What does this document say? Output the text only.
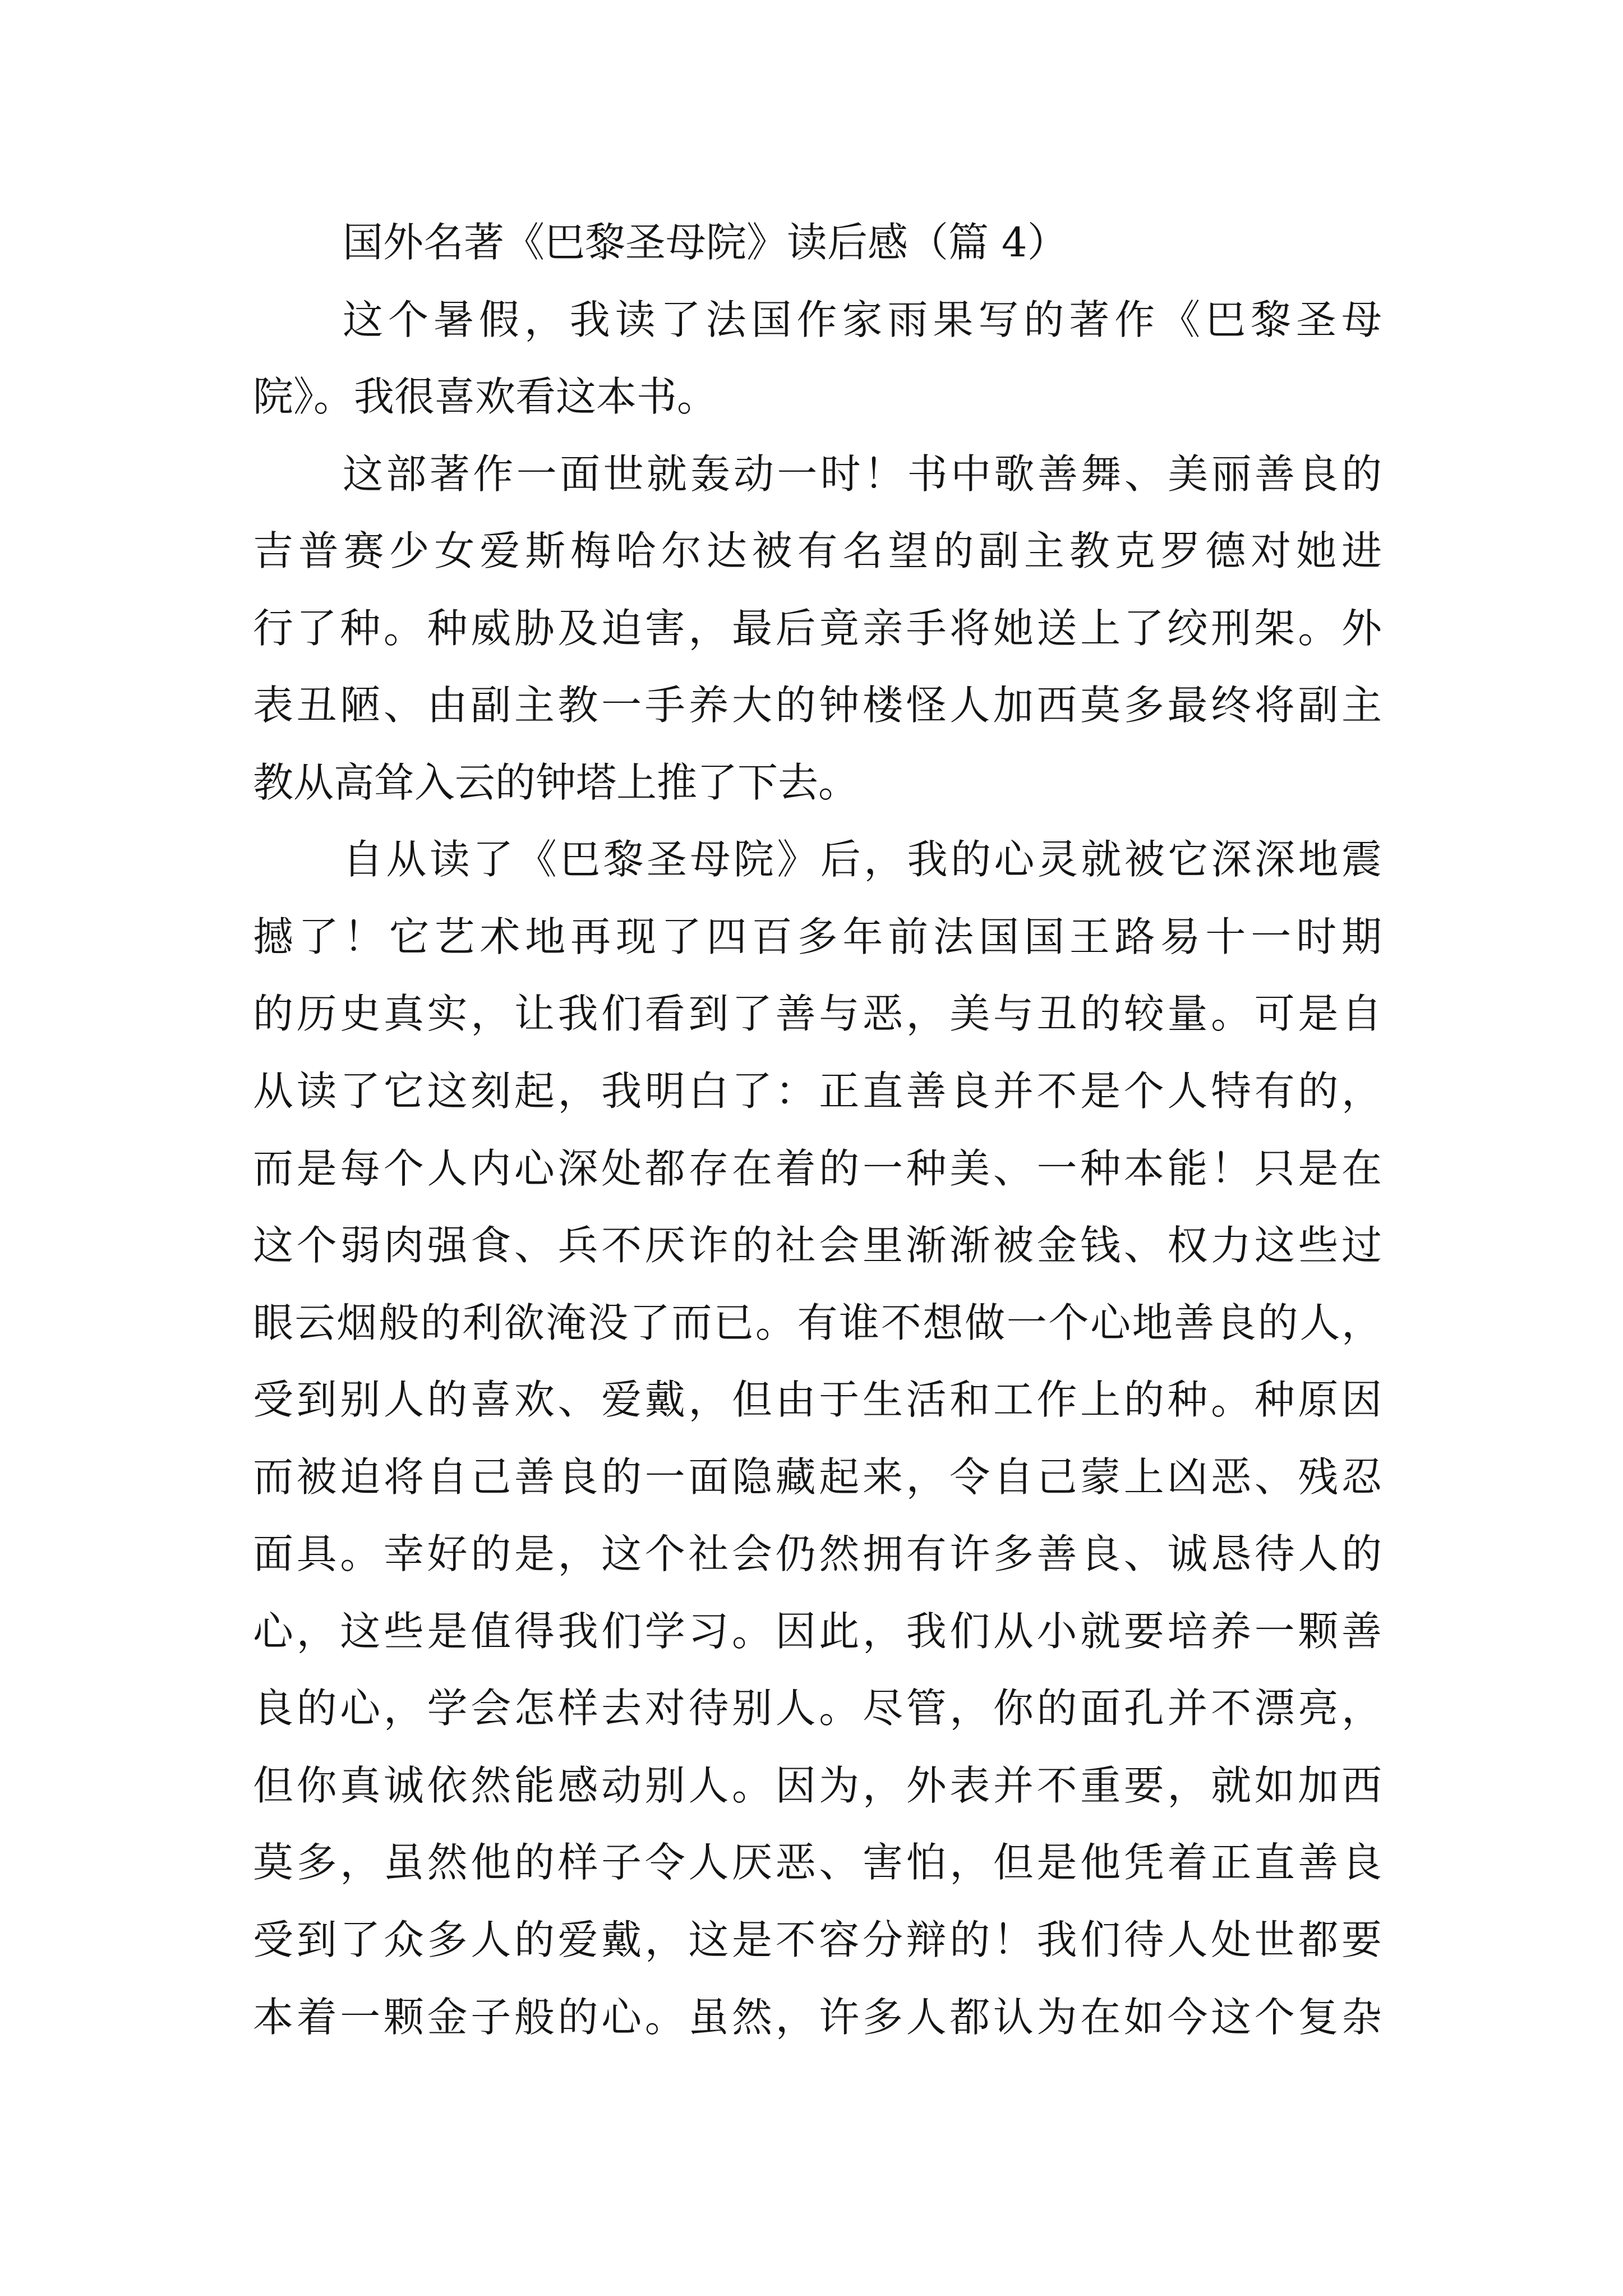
国外名著《巴黎圣母院》读后感（篇 4）
这个暑假，我读了法国作家雨果写的著作《巴黎圣母
院》。我很喜欢看这本书。
这部著作一面世就轰动一时！书中歌善舞、美丽善良的
吉普赛少女爱斯梅哈尔达被有名望的副主教克罗德对她进
行了种。种威胁及迫害，最后竟亲手将她送上了绞刑架。外
表丑陋、由副主教一手养大的钟楼怪人加西莫多最终将副主
教从高耸入云的钟塔上推了下去。
自从读了《巴黎圣母院》后，我的心灵就被它深深地震
撼了！它艺术地再现了四百多年前法国国王路易十一时期
的历史真实，让我们看到了善与恶，美与丑的较量。可是自
从读了它这刻起，我明白了：正直善良并不是个人特有的，
而是每个人内心深处都存在着的一种美、一种本能！只是在
这个弱肉强食、兵不厌诈的社会里渐渐被金钱、权力这些过
眼云烟般的利欲淹没了而已。有谁不想做一个心地善良的人，
受到别人的喜欢、爱戴，但由于生活和工作上的种。种原因
而被迫将自己善良的一面隐藏起来，令自己蒙上凶恶、残忍
面具。幸好的是，这个社会仍然拥有许多善良、诚恳待人的
心，这些是值得我们学习。因此，我们从小就要培养一颗善
良的心，学会怎样去对待别人。尽管，你的面孔并不漂亮，
但你真诚依然能感动别人。因为，外表并不重要，就如加西
莫多，虽然他的样子令人厌恶、害怕，但是他凭着正直善良
受到了众多人的爱戴，这是不容分辩的！我们待人处世都要
本着一颗金子般的心。虽然，许多人都认为在如今这个复杂
